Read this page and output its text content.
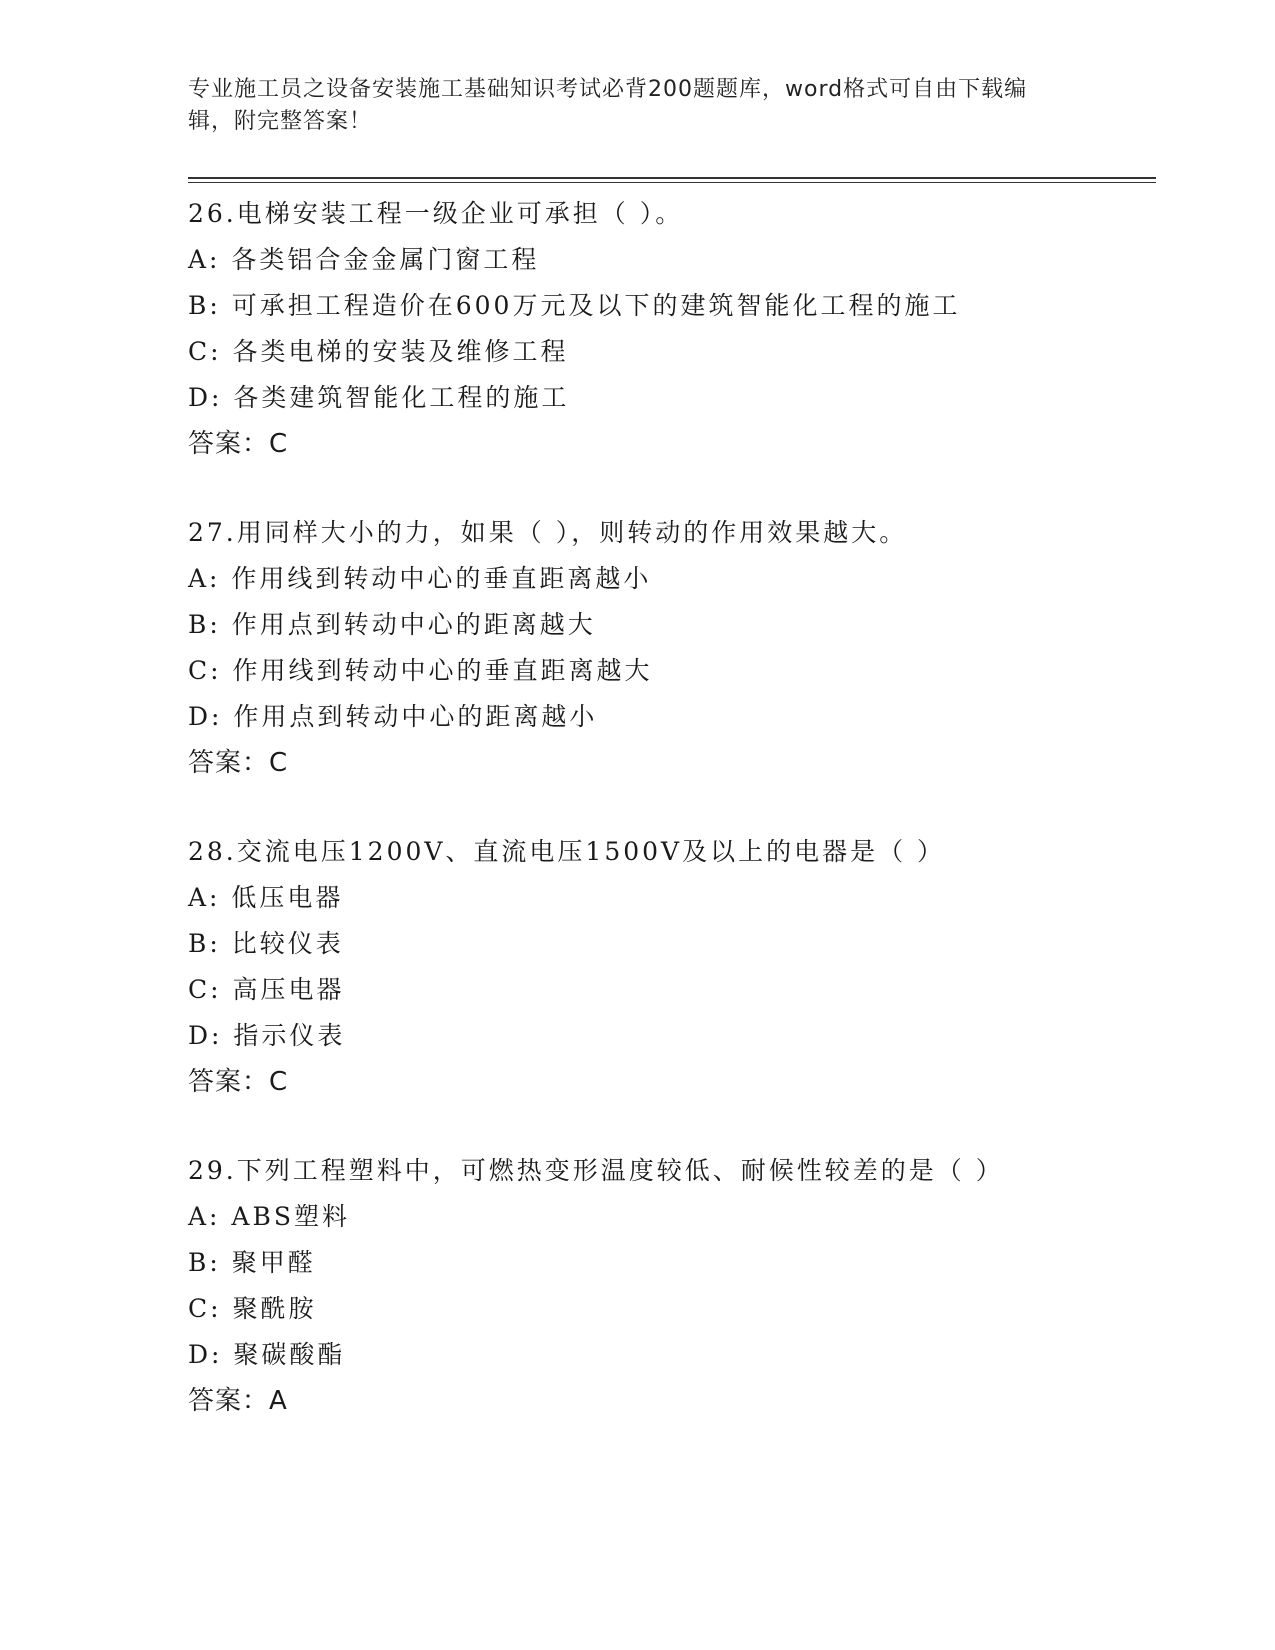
专业施工员之设备安装施工基础知识考试必背200题题库，word格式可自由下载编辑，附完整答案！
26.电梯安装工程一级企业可承担（ ）。
A: 各类铝合金金属门窗工程
B: 可承担工程造价在600万元及以下的建筑智能化工程的施工
C: 各类电梯的安装及维修工程
D: 各类建筑智能化工程的施工
答案：C
27.用同样大小的力，如果（ ），则转动的作用效果越大。
A: 作用线到转动中心的垂直距离越小
B: 作用点到转动中心的距离越大
C: 作用线到转动中心的垂直距离越大
D: 作用点到转动中心的距离越小
答案：C
28.交流电压1200V、直流电压1500V及以上的电器是（ ）
A: 低压电器
B: 比较仪表
C: 高压电器
D: 指示仪表
答案：C
29.下列工程塑料中，可燃热变形温度较低、耐候性较差的是（ ）
A: ABS塑料
B: 聚甲醛
C: 聚酰胺
D: 聚碳酸酯
答案：A
